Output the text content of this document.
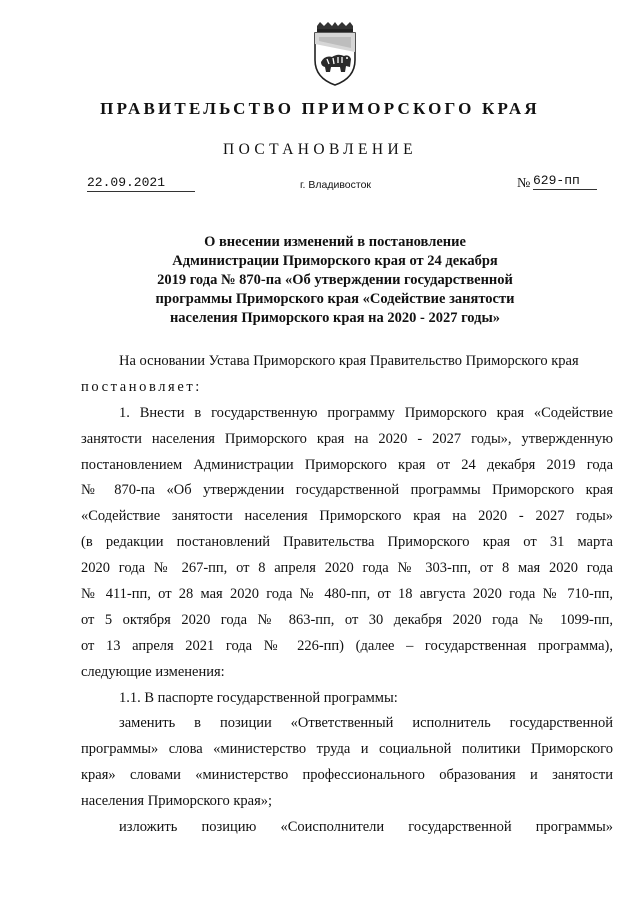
ПРАВИТЕЛЬСТВО ПРИМОРСКОГО КРАЯ
ПОСТАНОВЛЕНИЕ
22.09.2021	г. Владивосток	№ 629-пп
О внесении изменений в постановление
Администрации Приморского края от 24 декабря
2019 года № 870-па «Об утверждении государственной
программы Приморского края «Содействие занятости
населения Приморского края на 2020 - 2027 годы»
На основании Устава Приморского края Правительство Приморского края
постановляет:
1. Внести в государственную программу Приморского края «Содействие
занятости населения Приморского края на 2020 - 2027 годы», утвержденную
постановлением Администрации Приморского края от 24 декабря 2019 года
№ 870-па «Об утверждении государственной программы Приморского края
«Содействие занятости населения Приморского края на 2020 - 2027 годы»
(в редакции постановлений Правительства Приморского края от 31 марта
2020 года № 267-пп, от 8 апреля 2020 года № 303-пп, от 8 мая 2020 года
№ 411-пп, от 28 мая 2020 года № 480-пп, от 18 августа 2020 года № 710-пп,
от 5 октября 2020 года № 863-пп, от 30 декабря 2020 года № 1099-пп,
от 13 апреля 2021 года № 226-пп) (далее – государственная программа),
следующие изменения:
1.1. В паспорте государственной программы:
заменить в позиции «Ответственный исполнитель государственной
программы» слова «министерство труда и социальной политики Приморского
края» словами «министерство профессионального образования и занятости
населения Приморского края»;
изложить позицию «Соисполнители государственной программы»
